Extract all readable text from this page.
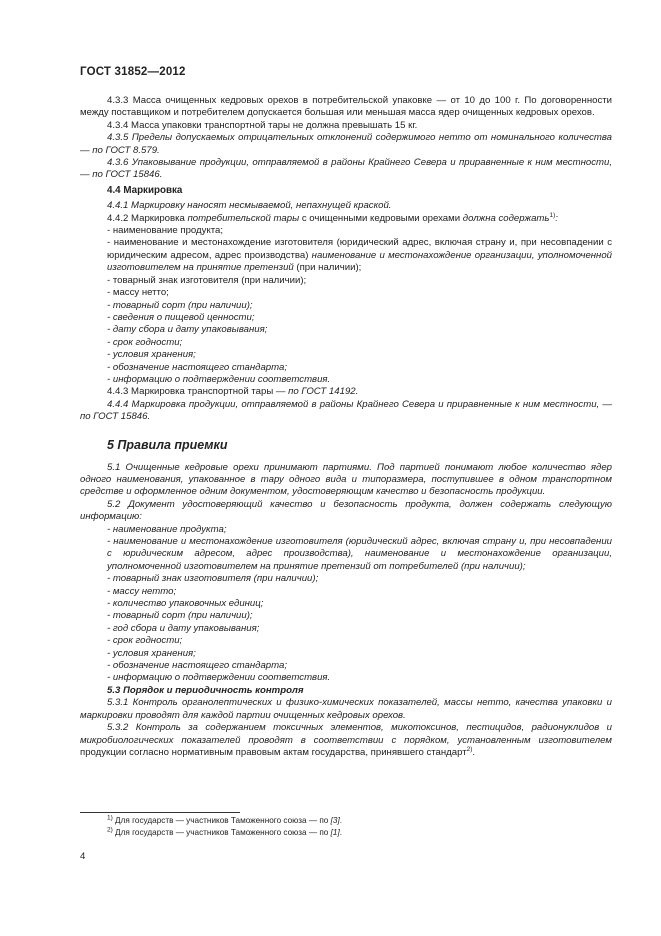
ГОСТ 31852—2012

4.3.3 Масса очищенных кедровых орехов в потребительской упаковке — от 10 до 100 г. По договоренности между поставщиком и потребителем допускается большая или меньшая масса ядер очищенных кедровых орехов.

4.3.4 Масса упаковки транспортной тары не должна превышать 15 кг.

4.3.5 Пределы допускаемых отрицательных отклонений содержимого нетто от номинального количества — по ГОСТ 8.579.

4.3.6 Упаковывание продукции, отправляемой в районы Крайнего Севера и приравненные к ним местности, — по ГОСТ 15846.

4.4 Маркировка

4.4.1 Маркировку наносят несмываемой, непахнущей краской.

4.4.2 Маркировка потребительской тары с очищенными кедровыми орехами должна содержать$^{1)}$:

- наименование продукта;

- наименование и местонахождение изготовителя (юридический адрес, включая страну и, при несовпадении с юридическим адресом, адрес производства) наименование и местонахождение организации, уполномоченной изготовителем на принятие претензий (при наличии);

- товарный знак изготовителя (при наличии);
- массу нетто;
- товарный сорт (при наличии);
- сведения о пищевой ценности;
- дату сбора и дату упаковывания;
- срок годности;
- условия хранения;
- обозначение настоящего стандарта;
- информацию о подтверждении соответствия.

4.4.3 Маркировка транспортной тары — по ГОСТ 14192.

4.4.4 Маркировка продукции, отправляемой в районы Крайнего Севера и приравненные к ним местности, — по ГОСТ 15846.

5 Правила приемки

5.1 Очищенные кедровые орехи принимают партиями. Под партией понимают любое количество ядер одного наименования, упакованное в тару одного вида и типоразмера, поступившее в одном транспортном средстве и оформленное одним документом, удостоверяющим качество и безопасность продукции.

5.2 Документ удостоверяющий качество и безопасность продукта, должен содержать следующую информацию:

- наименование продукта;

- наименование и местонахождение изготовителя (юридический адрес, включая страну и, при несовпадении с юридическим адресом, адрес производства), наименование и местонахождение организации, уполномоченной изготовителем на принятие претензий от потребителей (при наличии);

- товарный знак изготовителя (при наличии);
- массу нетто;
- количество упаковочных единиц;
- товарный сорт (при наличии);
- год сбора и дату упаковывания;
- срок годности;
- условия хранения;
- обозначение настоящего стандарта;
- информацию о подтверждении соответствия.

5.3 Порядок и периодичность контроля

5.3.1 Контроль органолептических и физико-химических показателей, массы нетто, качества упаковки и маркировки проводят для каждой партии очищенных кедровых орехов.

5.3.2 Контроль за содержанием токсичных элементов, микотоксинов, пестицидов, радионуклидов и микробиологических показателей проводят в соответствии с порядком, установленным изготовителем продукции согласно нормативным правовым актам государства, принявшего стандарт$^{2)}$.

$^{1)}$ Для государств — участников Таможенного союза — по [3].
$^{2)}$ Для государств — участников Таможенного союза — по [1].
4
